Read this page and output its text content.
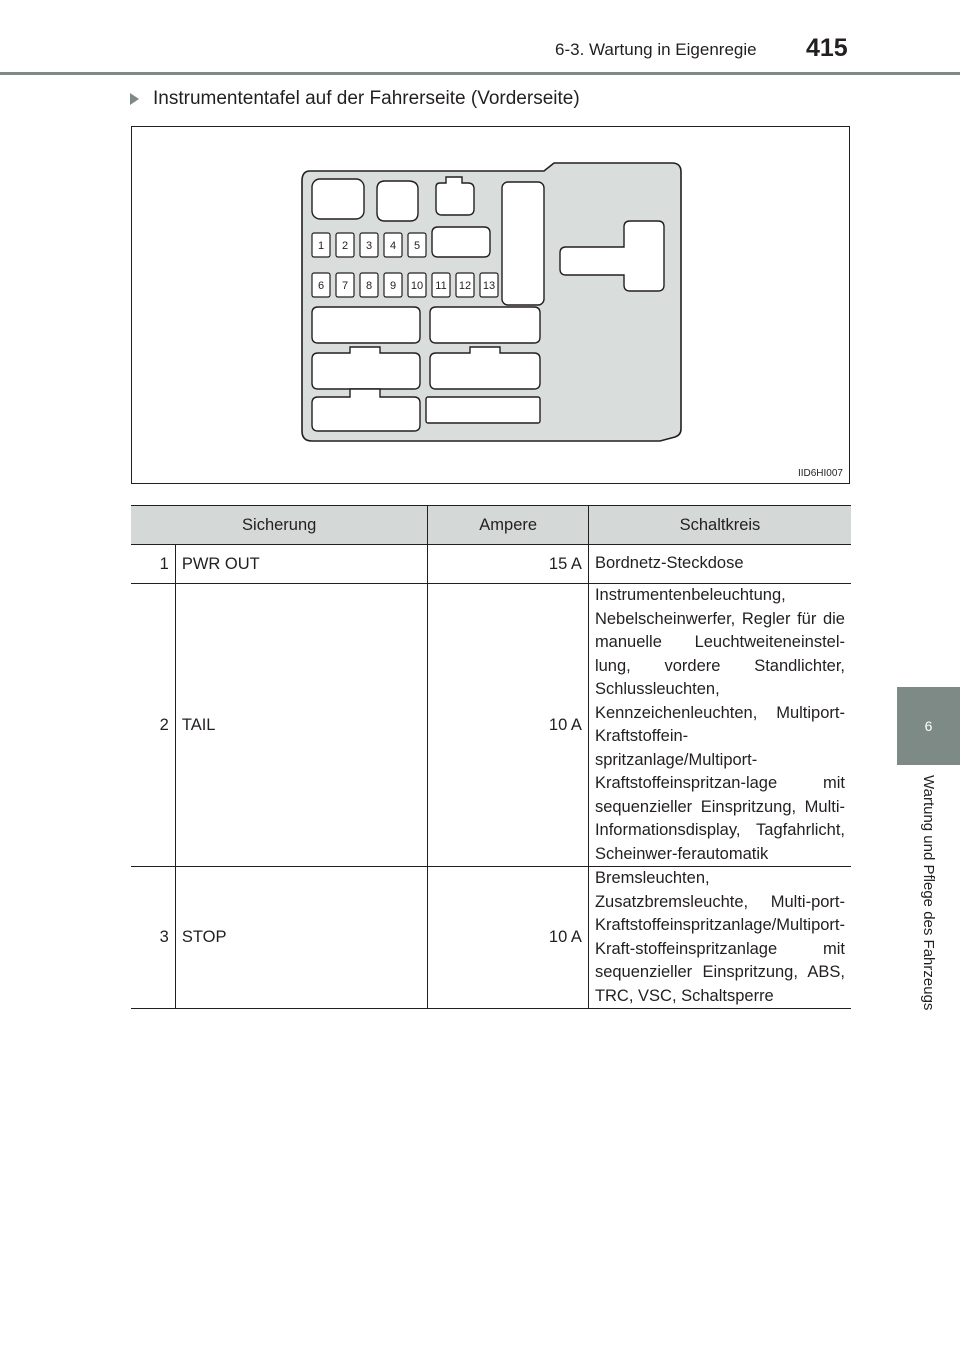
6-3. Wartung in Eigenregie 415
6
Wartung und Pflege des Fahrzeugs
Instrumententafel auf der Fahrerseite (Vorderseite)
1 2 3 4 5
6 7 8 9 10 11 12 13
IID6HI007
Sicherung		Ampere	Schaltkreis
1	PWR OUT	15 A	Bordnetz-Steckdose
2	TAIL	10 A	Instrumentenbeleuchtung, Nebelscheinwerfer, Regler für die manuelle Leuchtweiteneinstel-lung, vordere Standlichter, Schlussleuchten, Kennzeichenleuchten, Multiport-Kraftstoffein-spritzanlage/Multiport-Kraftstoffeinspritzan-lage mit sequenzieller Einspritzung, Multi-Informationsdisplay, Tagfahrlicht, Scheinwer-ferautomatik
3	STOP	10 A	Bremsleuchten, Zusatzbremsleuchte, Multi-port-Kraftstoffeinspritzanlage/Multiport-Kraft-stoffeinspritzanlage mit sequenzieller Einspritzung, ABS, TRC, VSC, Schaltsperre
